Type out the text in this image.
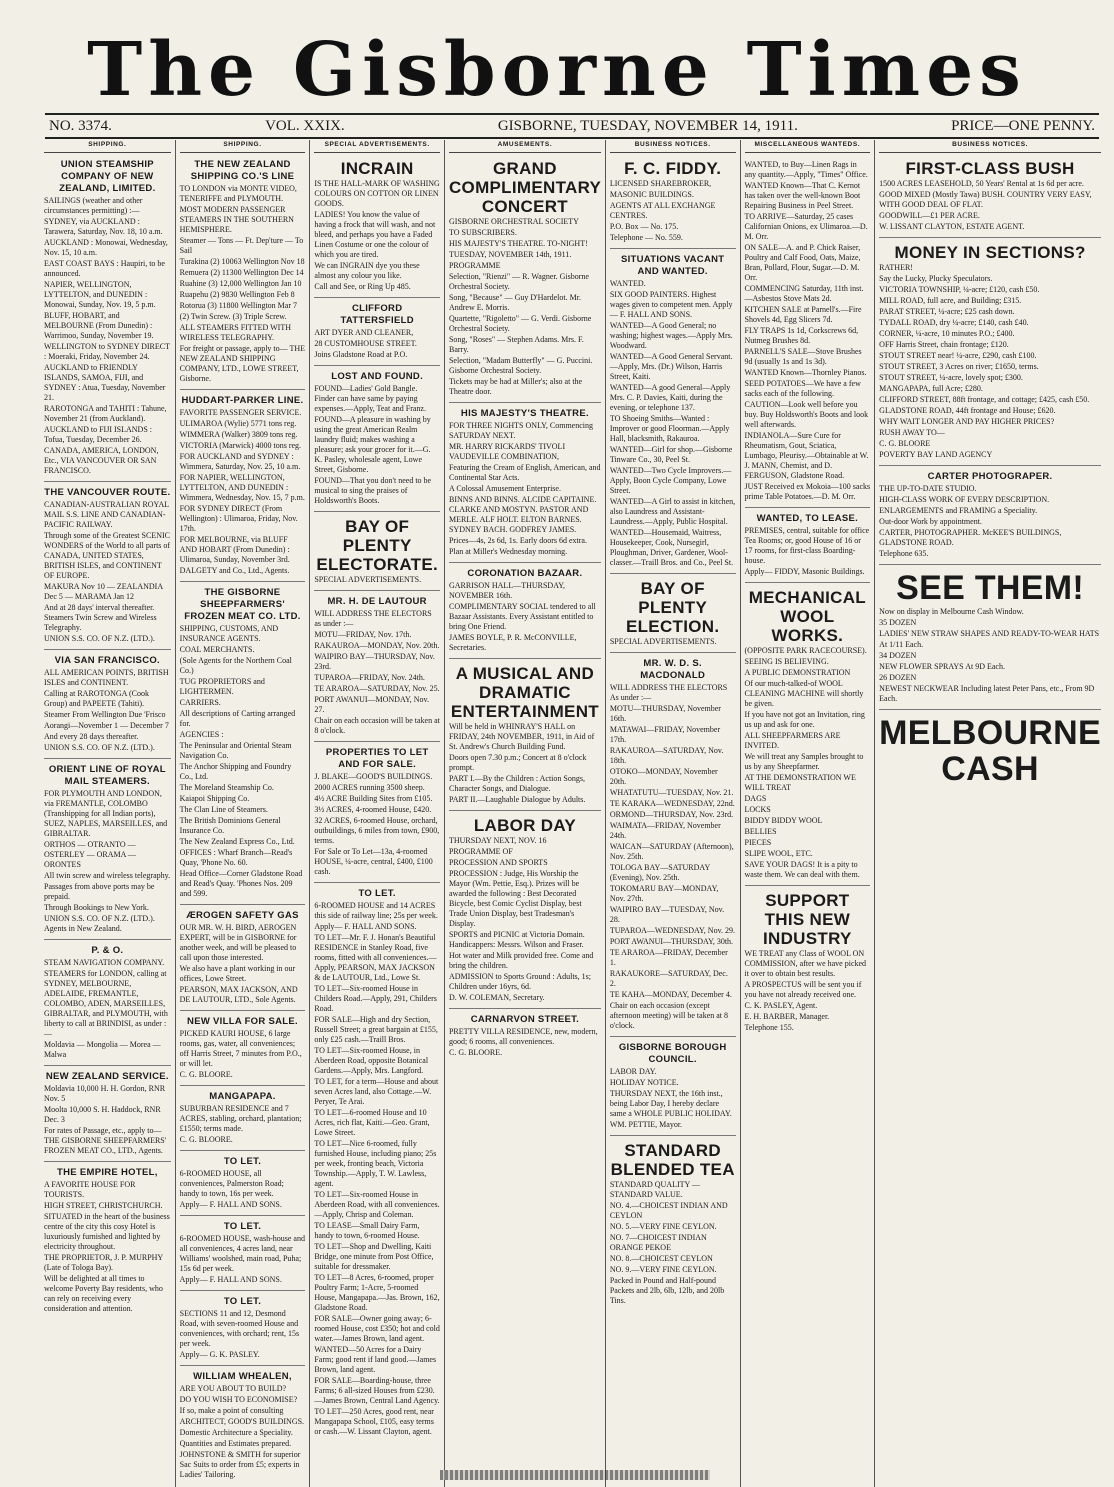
The Gisborne Times
NO. 3374.	VOL. XXIX.	GISBORNE, TUESDAY, NOVEMBER 14, 1911.	PRICE—ONE PENNY.
SHIPPING.
UNION STEAMSHIP COMPANY OF NEW ZEALAND, LIMITED.
SAILINGS (weather and other circumstances permitting) :—
SYDNEY, via AUCKLAND : Tarawera, Saturday, Nov. 18, 10 a.m.
AUCKLAND : Monowai, Wednesday, Nov. 15, 10 a.m.
EAST COAST BAYS : Haupiri, to be announced.
NAPIER, WELLINGTON, LYTTELTON, and DUNEDIN : Monowai, Sunday, Nov. 19, 5 p.m.
BLUFF, HOBART, and MELBOURNE (From Dunedin) : Warrimoo, Sunday, November 19.
WELLINGTON to SYDNEY DIRECT : Moeraki, Friday, November 24.
AUCKLAND to FRIENDLY ISLANDS, SAMOA, FIJI, and SYDNEY : Atua, Tuesday, November 21.
RAROTONGA and TAHITI : Tahune, November 21 (from Auckland).
AUCKLAND to FIJI ISLANDS : Tofua, Tuesday, December 26.
CANADA, AMERICA, LONDON, Etc., VIA VANCOUVER OR SAN FRANCISCO.
THE VANCOUVER ROUTE.
CANADIAN-AUSTRALIAN ROYAL MAIL S.S. LINE AND CANADIAN-PACIFIC RAILWAY.
Through some of the Greatest SCENIC WONDERS of the World to all parts of CANADA, UNITED STATES, BRITISH ISLES, and CONTINENT OF EUROPE.
MAKURA Nov 10 — ZEALANDIA Dec 5 — MARAMA Jan 12
And at 28 days' interval thereafter. Steamers Twin Screw and Wireless Telegraphy.
UNION S.S. CO. OF N.Z. (LTD.).
VIA SAN FRANCISCO.
ALL AMERICAN POINTS, BRITISH ISLES and CONTINENT.
Calling at RAROTONGA (Cook Group) and PAPEETE (Tahiti).
Steamer From Wellington Due 'Frisco
Aorangi—November 1 — December 7
And every 28 days thereafter.
UNION S.S. CO. OF N.Z. (LTD.).
ORIENT LINE OF ROYAL MAIL STEAMERS.
FOR PLYMOUTH AND LONDON, via FREMANTLE, COLOMBO (Transhipping for all Indian ports), SUEZ, NAPLES, MARSEILLES, and GIBRALTAR.
ORTHOS — OTRANTO — OSTERLEY — ORAMA — ORONTES
All twin screw and wireless telegraphy.
Passages from above ports may be prepaid.
Through Bookings to New York.
UNION S.S. CO. OF N.Z. (LTD.). Agents in New Zealand.
P. & O.
STEAM NAVIGATION COMPANY.
STEAMERS for LONDON, calling at SYDNEY, MELBOURNE, ADELAIDE, FREMANTLE, COLOMBO, ADEN, MARSEILLES, GIBRALTAR, and PLYMOUTH, with liberty to call at BRINDISI, as under :—
Moldavia — Mongolia — Morea — Malwa
NEW ZEALAND SERVICE.
Moldavia 10,000 H. H. Gordon, RNR Nov. 5
Moolta 10,000 S. H. Haddock, RNR Dec. 3
For rates of Passage, etc., apply to— THE GISBORNE SHEEPFARMERS' FROZEN MEAT CO., LTD., Agents.
THE EMPIRE HOTEL,
A FAVORITE HOUSE FOR TOURISTS.
HIGH STREET, CHRISTCHURCH.
SITUATED in the heart of the business centre of the city this cosy Hotel is luxuriously furnished and lighted by electricity throughout.
THE PROPRIETOR, J. P. MURPHY (Late of Tologa Bay).
Will be delighted at all times to welcome Poverty Bay residents, who can rely on receiving every consideration and attention.
SHIPPING.
THE NEW ZEALAND SHIPPING CO.'S LINE
TO LONDON via MONTE VIDEO, TENERIFFE and PLYMOUTH.
MOST MODERN PASSENGER STEAMERS IN THE SOUTHERN HEMISPHERE.
Steamer — Tons — Ft. Dep'ture — To Sail
Turakina (2) 10063 Wellington Nov 18
Remuera (2) 11300 Wellington Dec 14
Ruahine (3) 12,000 Wellington Jan 10
Ruapehu (2) 9830 Wellington Feb 8
Rotorua (3) 11800 Wellington Mar 7
(2) Twin Screw. (3) Triple Screw.
ALL STEAMERS FITTED WITH WIRELESS TELEGRAPHY.
For freight or passage, apply to— THE NEW ZEALAND SHIPPING COMPANY, LTD., LOWE STREET, Gisborne.
HUDDART-PARKER LINE.
FAVORITE PASSENGER SERVICE.
ULIMAROA (Wylie) 5771 tons reg.
WIMMERA (Walker) 3809 tons reg.
VICTORIA (Marwick) 4000 tons reg.
FOR AUCKLAND and SYDNEY : Wimmera, Saturday, Nov. 25, 10 a.m.
FOR NAPIER, WELLINGTON, LYTTELTON, AND DUNEDIN : Wimmera, Wednesday, Nov. 15, 7 p.m.
FOR SYDNEY DIRECT (From Wellington) : Ulimaroa, Friday, Nov. 17th.
FOR MELBOURNE, via BLUFF AND HOBART (From Dunedin) : Ulimaroa, Sunday, November 3rd.
DALGETY and Co., Ltd., Agents.
THE GISBORNE SHEEPFARMERS' FROZEN MEAT CO. LTD.
SHIPPING, CUSTOMS, AND INSURANCE AGENTS.
COAL MERCHANTS.
(Sole Agents for the Northern Coal Co.)
TUG PROPRIETORS and LIGHTERMEN.
CARRIERS.
All descriptions of Carting arranged for.
AGENCIES :
The Peninsular and Oriental Steam Navigation Co.
The Anchor Shipping and Foundry Co., Ltd.
The Moreland Steamship Co.
Kaiapoi Shipping Co.
The Clan Line of Steamers.
The British Dominions General Insurance Co.
The New Zealand Express Co., Ltd.
OFFICES : Wharf Branch—Read's Quay, 'Phone No. 60.
Head Office—Corner Gladstone Road and Read's Quay. 'Phones Nos. 209 and 599.
ÆROGEN SAFETY GAS
OUR MR. W. H. BIRD, AEROGEN EXPERT, will be in GISBORNE for another week, and will be pleased to call upon those interested.
We also have a plant working in our offices, Lowe Street.
PEARSON, MAX JACKSON, AND DE LAUTOUR, LTD., Sole Agents.
NEW VILLA FOR SALE.
PICKED KAURI HOUSE, 6 large rooms, gas, water, all conveniences; off Harris Street, 7 minutes from P.O., or will let.
C. G. BLOORE.
MANGAPAPA.
SUBURBAN RESIDENCE and 7 ACRES, stabling, orchard, plantation; £1550; terms made.
C. G. BLOORE.
TO LET.
6-ROOMED HOUSE, all conveniences, Palmerston Road; handy to town, 16s per week.
Apply— F. HALL AND SONS.
TO LET.
6-ROOMED HOUSE, wash-house and all conveniences, 4 acres land, near Williams' woolshed, main road, Puha; 15s 6d per week.
Apply— F. HALL AND SONS.
TO LET.
SECTIONS 11 and 12, Desmond Road, with seven-roomed House and conveniences, with orchard; rent, 15s per week.
Apply— G. K. PASLEY.
WILLIAM WHEALEN,
ARE YOU ABOUT TO BUILD?
DO YOU WISH TO ECONOMISE?
If so, make a point of consulting
ARCHITECT, GOOD'S BUILDINGS.
Domestic Architecture a Speciality.
Quantities and Estimates prepared.
JOHNSTONE & SMITH for superior Sac Suits to order from £5; experts in Ladies' Tailoring.
SPECIAL ADVERTISEMENTS.
INCRAIN
IS THE HALL-MARK OF WASHING COLOURS ON COTTON OR LINEN GOODS.
LADIES! You know the value of having a frock that will wash, and not bleed, and perhaps you have a Faded Linen Costume or one the colour of which you are tired.
We can INGRAIN dye you these almost any colour you like.
Call and See, or Ring Up 485.
CLIFFORD TATTERSFIELD
ART DYER AND CLEANER,
28 CUSTOMHOUSE STREET.
Joins Gladstone Road at P.O.
LOST AND FOUND.
FOUND—Ladies' Gold Bangle. Finder can have same by paying expenses.—Apply, Teat and Franz.
FOUND—A pleasure in washing by using the great American Realm laundry fluid; makes washing a pleasure; ask your grocer for it.—G. K. Pasley, wholesale agent, Lowe Street, Gisborne.
FOUND—That you don't need to be musical to sing the praises of Holdsworth's Boots.
BAY OF PLENTY ELECTORATE.
SPECIAL ADVERTISEMENTS.
MR. H. DE LAUTOUR
WILL ADDRESS THE ELECTORS as under :—
MOTU—FRIDAY, Nov. 17th.
RAKAUROA—MONDAY, Nov. 20th.
WAIPIRO BAY—THURSDAY, Nov. 23rd.
TUPAROA—FRIDAY, Nov. 24th.
TE ARAROA—SATURDAY, Nov. 25.
PORT AWANUI—MONDAY, Nov. 27.
Chair on each occasion will be taken at 8 o'clock.
PROPERTIES TO LET AND FOR SALE.
J. BLAKE—GOOD'S BUILDINGS.
2000 ACRES running 3500 sheep.
4½ ACRE Building Sites from £105.
3½ ACRES, 4-roomed House, £420.
32 ACRES, 6-roomed House, orchard, outbuildings, 6 miles from town, £900, terms.
For Sale or To Let—13a, 4-roomed HOUSE, ¼-acre, central, £400, £100 cash.
TO LET.
6-ROOMED HOUSE and 14 ACRES this side of railway line; 25s per week.
Apply— F. HALL AND SONS.
TO LET—Mr. F. J. Honan's Beautiful RESIDENCE in Stanley Road, five rooms, fitted with all conveniences.—Apply, PEARSON, MAX JACKSON & de LAUTOUR, Ltd., Lowe St.
TO LET—Six-roomed House in Childers Road.—Apply, 291, Childers Road.
FOR SALE—High and dry Section, Russell Street; a great bargain at £155, only £25 cash.—Traill Bros.
TO LET—Six-roomed House, in Aberdeen Road, opposite Botanical Gardens.—Apply, Mrs. Langford.
TO LET, for a term—House and about seven Acres land, also Cottage.—W. Peryer, Te Arai.
TO LET—6-roomed House and 10 Acres, rich flat, Kaiti.—Geo. Grant, Lowe Street.
TO LET—Nice 6-roomed, fully furnished House, including piano; 25s per week, fronting beach, Victoria Township.—Apply, T. W. Lawless, agent.
TO LET—Six-roomed House in Aberdeen Road, with all conveniences.—Apply, Chrisp and Coleman.
TO LEASE—Small Dairy Farm, handy to town, 6-roomed House.
TO LET—Shop and Dwelling, Kaiti Bridge, one minute from Post Office, suitable for dressmaker.
TO LET—8 Acres, 6-roomed, proper Poultry Farm; 1-Acre, 5-roomed House, Mangapapa.—Jas. Brown, 162, Gladstone Road.
FOR SALE—Owner going away; 6-roomed House, cost £350; hot and cold water.—James Brown, land agent.
WANTED—50 Acres for a Dairy Farm; good rent if land good.—James Brown, land agent.
FOR SALE—Boarding-house, three Farms; 6 all-sized Houses from £230.—James Brown, Central Land Agency.
TO LET—250 Acres, good rent, near Mangapapa School, £105, easy terms or cash.—W. Lissant Clayton, agent.
AMUSEMENTS.
GRAND COMPLIMENTARY CONCERT
GISBORNE ORCHESTRAL SOCIETY
TO SUBSCRIBERS.
HIS MAJESTY'S THEATRE. TO-NIGHT!
TUESDAY, NOVEMBER 14th, 1911.
PROGRAMME
Selection, "Rienzi" — R. Wagner. Gisborne Orchestral Society.
Song, "Because" — Guy D'Hardelot. Mr. Andrew E. Morris.
Quartette, "Rigoletto" — G. Verdi. Gisborne Orchestral Society.
Song, "Roses" — Stephen Adams. Mrs. F. Barry.
Selection, "Madam Butterfly" — G. Puccini. Gisborne Orchestral Society.
Tickets may be had at Miller's; also at the Theatre door.
HIS MAJESTY'S THEATRE.
FOR THREE NIGHTS ONLY, Commencing SATURDAY NEXT.
MR. HARRY RICKARDS' TIVOLI VAUDEVILLE COMBINATION,
Featuring the Cream of English, American, and Continental Star Acts.
A Colossal Amusement Enterprise.
BINNS AND BINNS. ALCIDE CAPITAINE. CLARKE AND MOSTYN. PASTOR AND MERLE. ALF HOLT. ELTON BARNES. SYDNEY BACH. GODFREY JAMES.
Prices—4s, 2s 6d, 1s. Early doors 6d extra.
Plan at Miller's Wednesday morning.
CORONATION BAZAAR.
GARRISON HALL—THURSDAY, NOVEMBER 16th.
COMPLIMENTARY SOCIAL tendered to all Bazaar Assistants. Every Assistant entitled to bring One Friend.
JAMES BOYLE, P. R. McCONVILLE, Secretaries.
A MUSICAL AND DRAMATIC ENTERTAINMENT
Will be held in WHINRAY'S HALL on FRIDAY, 24th NOVEMBER, 1911, in Aid of St. Andrew's Church Building Fund.
Doors open 7.30 p.m.; Concert at 8 o'clock prompt.
PART I.—By the Children : Action Songs, Character Songs, and Dialogue.
PART II.—Laughable Dialogue by Adults.
LABOR DAY
THURSDAY NEXT, NOV. 16
PROGRAMME OF
PROCESSION AND SPORTS
PROCESSION : Judge, His Worship the Mayor (Wm. Pettie, Esq.). Prizes will be awarded the following : Best Decorated Bicycle, best Comic Cyclist Display, best Trade Union Display, best Tradesman's Display.
SPORTS and PICNIC at Victoria Domain. Handicappers: Messrs. Wilson and Fraser.
Hot water and Milk provided free. Come and bring the children.
ADMISSION to Sports Ground : Adults, 1s; Children under 16yrs, 6d.
D. W. COLEMAN, Secretary.
CARNARVON STREET.
PRETTY VILLA RESIDENCE, new, modern, good; 6 rooms, all conveniences.
C. G. BLOORE.
BUSINESS NOTICES.
F. C. FIDDY.
LICENSED SHAREBROKER,
MASONIC BUILDINGS.
AGENTS AT ALL EXCHANGE CENTRES.
P.O. Box — No. 175.
Telephone — No. 559.
SITUATIONS VACANT AND WANTED.
WANTED.
SIX GOOD PAINTERS. Highest wages given to competent men. Apply— F. HALL AND SONS.
WANTED—A Good General; no washing; highest wages.—Apply Mrs. Woodward.
WANTED—A Good General Servant.—Apply, Mrs. (Dr.) Wilson, Harris Street, Kaiti.
WANTED—A good General—Apply Mrs. C. P. Davies, Kaiti, during the evening, or telephone 137.
TO Shoeing Smiths—Wanted : Improver or good Floorman.—Apply Hall, blacksmith, Rakauroa.
WANTED—Girl for shop.—Gisborne Tinware Co., 30, Peel St.
WANTED—Two Cycle Improvers.—Apply, Boon Cycle Company, Lowe Street.
WANTED—A Girl to assist in kitchen, also Laundress and Assistant-Laundress.—Apply, Public Hospital.
WANTED—Housemaid, Waitress, Housekeeper, Cook, Nursegirl, Ploughman, Driver, Gardener, Wool-classer.—Traill Bros. and Co., Peel St.
BAY OF PLENTY ELECTION.
SPECIAL ADVERTISEMENTS.
MR. W. D. S. MACDONALD
WILL ADDRESS THE ELECTORS As under :—
MOTU—THURSDAY, November 16th.
MATAWAI—FRIDAY, November 17th.
RAKAUROA—SATURDAY, Nov. 18th.
OTOKO—MONDAY, November 20th.
WHATATUTU—TUESDAY, Nov. 21.
TE KARAKA—WEDNESDAY, 22nd.
ORMOND—THURSDAY, Nov. 23rd.
WAIMATA—FRIDAY, November 24th.
WAICAN—SATURDAY (Afternoon), Nov. 25th.
TOLOGA BAY—SATURDAY (Evening), Nov. 25th.
TOKOMARU BAY—MONDAY, Nov. 27th.
WAIPIRO BAY—TUESDAY, Nov. 28.
TUPAROA—WEDNESDAY, Nov. 29.
PORT AWANUI—THURSDAY, 30th.
TE ARAROA—FRIDAY, December 1.
RAKAUKORE—SATURDAY, Dec. 2.
TE KAHA—MONDAY, December 4.
Chair on each occasion (except afternoon meeting) will be taken at 8 o'clock.
GISBORNE BOROUGH COUNCIL.
LABOR DAY.
HOLIDAY NOTICE.
THURSDAY NEXT, the 16th inst., being Labor Day, I hereby declare same a WHOLE PUBLIC HOLIDAY.
WM. PETTIE, Mayor.
STANDARD BLENDED TEA
STANDARD QUALITY — STANDARD VALUE.
NO. 4.—CHOICEST INDIAN AND CEYLON
NO. 5.—VERY FINE CEYLON.
NO. 7—CHOICEST INDIAN ORANGE PEKOE
NO. 8.—CHOICEST CEYLON
NO. 9.—VERY FINE CEYLON.
Packed in Pound and Half-pound Packets and 2lb, 6lb, 12lb, and 20lb Tins.
MISCELLANEOUS WANTEDS.
WANTED, to Buy—Linen Rags in any quantity.—Apply, "Times" Office.
WANTED Known—That C. Kernot has taken over the well-known Boot Repairing Business in Peel Street.
TO ARRIVE—Saturday, 25 cases Californian Onions, ex Ulimaroa.—D. M. Orr.
ON SALE—A. and P. Chick Raiser, Poultry and Calf Food, Oats, Maize, Bran, Pollard, Flour, Sugar.—D. M. Orr.
COMMENCING Saturday, 11th inst.—Asbestos Stove Mats 2d.
KITCHEN SALE at Parnell's.—Fire Shovels 4d, Egg Slicers 7d.
FLY TRAPS 1s 1d, Corkscrews 6d, Nutmeg Brushes 8d.
PARNELL'S SALE—Stove Brushes 9d (usually 1s and 1s 3d).
WANTED Known—Thornley Pianos.
SEED POTATOES—We have a few sacks each of the following.
CAUTION—Look well before you buy. Buy Holdsworth's Boots and look well afterwards.
INDIANOLA—Sure Cure for Rheumatism, Gout, Sciatica, Lumbago, Pleurisy.—Obtainable at W. J. MANN, Chemist, and D. FERGUSON, Gladstone Road.
JUST Received ex Mokoia—100 sacks prime Table Potatoes.—D. M. Orr.
WANTED, TO LEASE.
PREMISES, central, suitable for office Tea Rooms; or, good House of 16 or 17 rooms, for first-class Boarding-house.
Apply— FIDDY, Masonic Buildings.
MECHANICAL WOOL WORKS.
(OPPOSITE PARK RACECOURSE).
SEEING IS BELIEVING.
A PUBLIC DEMONSTRATION
Of our much-talked-of WOOL CLEANING MACHINE will shortly be given.
If you have not got an Invitation, ring us up and ask for one.
ALL SHEEPFARMERS ARE INVITED.
We will treat any Samples brought to us by any Sheepfarmer.
AT THE DEMONSTRATION WE WILL TREAT
DAGS
LOCKS
BIDDY BIDDY WOOL
BELLIES
PIECES
SLIPE WOOL, ETC.
SAVE YOUR DAGS! It is a pity to waste them. We can deal with them.
SUPPORT THIS NEW INDUSTRY
WE TREAT any Class of WOOL ON COMMISSION, after we have picked it over to obtain best results.
A PROSPECTUS will be sent you if you have not already received one.
C. K. PASLEY, Agent.
E. H. BARBER, Manager.
Telephone 155.
BUSINESS NOTICES.
FIRST-CLASS BUSH
1500 ACRES LEASEHOLD, 50 Years' Rental at 1s 6d per acre.
GOOD MIXED (Mostly Tawa) BUSH. COUNTRY VERY EASY, WITH GOOD DEAL OF FLAT.
GOODWILL—£1 PER ACRE.
W. LISSANT CLAYTON, ESTATE AGENT.
MONEY IN SECTIONS?
RATHER!
Say the Lucky, Plucky Speculators.
VICTORIA TOWNSHIP, ¼-acre; £120, cash £50.
MILL ROAD, full acre, and Building; £315.
PARAT STREET, ¼-acre; £25 cash down.
TYDALL ROAD, dry ¼-acre; £140, cash £40.
CORNER, ¼-acre, 10 minutes P.O.; £400.
OFF Harris Street, chain frontage; £120.
STOUT STREET near! ¼-acre, £290, cash £100.
STOUT STREET, 3 Acres on river; £1650, terms.
STOUT STREET, ¼-acre, lovely spot; £300.
MANGAPAPA, full Acre; £280.
CLIFFORD STREET, 88ft frontage, and cottage; £425, cash £50.
GLADSTONE ROAD, 44ft frontage and House; £620.
WHY WAIT LONGER AND PAY HIGHER PRICES?
RUSH AWAY TO—
C. G. BLOORE
POVERTY BAY LAND AGENCY
CARTER PHOTOGRAPER.
THE UP-TO-DATE STUDIO.
HIGH-CLASS WORK OF EVERY DESCRIPTION.
ENLARGEMENTS and FRAMING a Speciality.
Out-door Work by appointment.
CARTER, PHOTOGRAPHER. McKEE'S BUILDINGS, GLADSTONE ROAD.
Telephone 635.
SEE THEM!
Now on display in Melbourne Cash Window.
35 DOZEN
LADIES' NEW STRAW SHAPES AND READY-TO-WEAR HATS
At 1/11 Each.
34 DOZEN
NEW FLOWER SPRAYS At 9D Each.
26 DOZEN
NEWEST NECKWEAR Including latest Peter Pans, etc., From 9D Each.
MELBOURNE CASH
